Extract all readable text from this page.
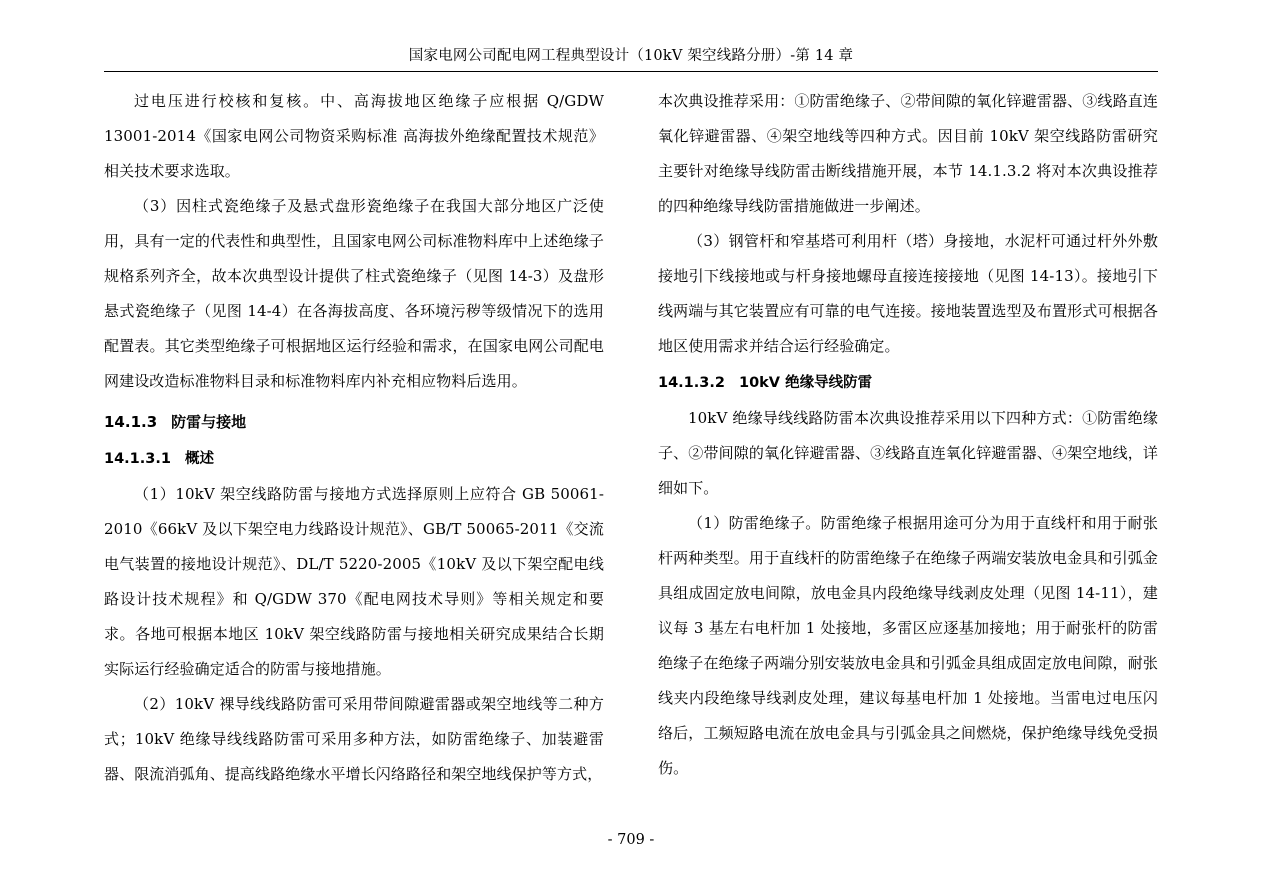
国家电网公司配电网工程典型设计（10kV 架空线路分册）-第 14 章

过电压进行校核和复核。中、高海拔地区绝缘子应根据 Q/GDW 13001-2014《国家电网公司物资采购标准 高海拔外绝缘配置技术规范》相关技术要求选取。

（3）因柱式瓷绝缘子及悬式盘形瓷绝缘子在我国大部分地区广泛使用，具有一定的代表性和典型性，且国家电网公司标准物料库中上述绝缘子规格系列齐全，故本次典型设计提供了柱式瓷绝缘子（见图 14-3）及盘形悬式瓷绝缘子（见图 14-4）在各海拔高度、各环境污秽等级情况下的选用配置表。其它类型绝缘子可根据地区运行经验和需求，在国家电网公司配电网建设改造标准物料目录和标准物料库内补充相应物料后选用。

14.1.3 防雷与接地
14.1.3.1 概述

（1）10kV 架空线路防雷与接地方式选择原则上应符合 GB 50061-2010《66kV 及以下架空电力线路设计规范》、GB/T 50065-2011《交流电气装置的接地设计规范》、DL/T 5220-2005《10kV 及以下架空配电线路设计技术规程》和 Q/GDW 370《配电网技术导则》等相关规定和要求。各地可根据本地区 10kV 架空线路防雷与接地相关研究成果结合长期实际运行经验确定适合的防雷与接地措施。

（2）10kV 裸导线线路防雷可采用带间隙避雷器或架空地线等二种方式；10kV 绝缘导线线路防雷可采用多种方法，如防雷绝缘子、加装避雷器、限流消弧角、提高线路绝缘水平增长闪络路径和架空地线保护等方式，

本次典设推荐采用：①防雷绝缘子、②带间隙的氧化锌避雷器、③线路直连氧化锌避雷器、④架空地线等四种方式。因目前 10kV 架空线路防雷研究主要针对绝缘导线防雷击断线措施开展，本节 14.1.3.2 将对本次典设推荐的四种绝缘导线防雷措施做进一步阐述。

（3）钢管杆和窄基塔可利用杆（塔）身接地，水泥杆可通过杆外外敷接地引下线接地或与杆身接地螺母直接连接接地（见图 14-13）。接地引下线两端与其它装置应有可靠的电气连接。接地装置选型及布置形式可根据各地区使用需求并结合运行经验确定。

14.1.3.2 10kV 绝缘导线防雷

10kV 绝缘导线线路防雷本次典设推荐采用以下四种方式：①防雷绝缘子、②带间隙的氧化锌避雷器、③线路直连氧化锌避雷器、④架空地线，详细如下。

（1）防雷绝缘子。防雷绝缘子根据用途可分为用于直线杆和用于耐张杆两种类型。用于直线杆的防雷绝缘子在绝缘子两端安装放电金具和引弧金具组成固定放电间隙，放电金具内段绝缘导线剥皮处理（见图 14-11），建议每 3 基左右电杆加 1 处接地，多雷区应逐基加接地；用于耐张杆的防雷绝缘子在绝缘子两端分别安装放电金具和引弧金具组成固定放电间隙，耐张线夹内段绝缘导线剥皮处理，建议每基电杆加 1 处接地。当雷电过电压闪络后，工频短路电流在放电金具与引弧金具之间燃烧，保护绝缘导线免受损伤。

- 709 -
